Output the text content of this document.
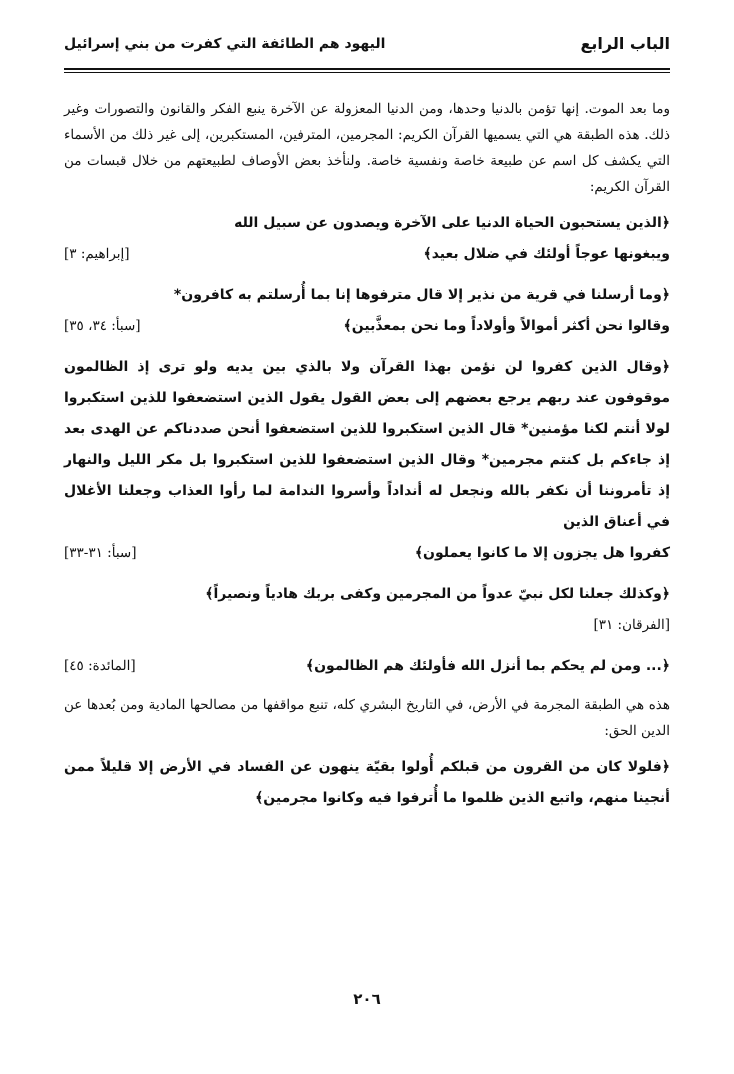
الباب الرابع
اليهود هم الطائفة التي كفرت من بني إسرائيل

وما بعد الموت. إنها تؤمن بالدنيا وحدها، ومن الدنيا المعزولة عن الآخرة ينبع الفكر والقانون والتصورات وغير ذلك. هذه الطبقة هي التي يسميها القرآن الكريم: المجرمين، المترفين، المستكبرين، إلى غير ذلك من الأسماء التي يكشف كل اسم عن طبيعة خاصة ونفسية خاصة. ولنأخذ بعض الأوصاف لطبيعتهم من خلال قبسات من القرآن الكريم:

﴿الذين يستحبون الحياة الدنيا على الآخرة ويصدون عن سبيل الله
ويبغونها عوجاً أولئك في ضلال بعيد﴾
[إبراهيم: ٣]
﴿وما أرسلنا في قرية من نذير إلا قال مترفوها إنا بما أُرسلتم به كافرون*
وقالوا نحن أكثر أموالاً وأولاداً وما نحن بمعذَّبين﴾
[سبأ: ٣٤، ٣٥]
﴿وقال الذين كفروا لن نؤمن بهذا القرآن ولا بالذي بين يديه ولو ترى إذ الظالمون موقوفون عند ربهم يرجع بعضهم إلى بعض القول يقول الذين استضعفوا للذين استكبروا لولا أنتم لكنا مؤمنين* قال الذين استكبروا للذين استضعفوا أنحن صددناكم عن الهدى بعد إذ جاءكم بل كنتم مجرمين* وقال الذين استضعفوا للذين استكبروا بل مكر الليل والنهار إذ تأمروننا أن نكفر بالله ونجعل له أنداداً وأسروا الندامة لما رأوا العذاب وجعلنا الأغلال في أعناق الذين
كفروا هل يجزون إلا ما كانوا يعملون﴾
[سبأ: ٣١-٣٣]
﴿وكذلك جعلنا لكل نبيّ عدواً من المجرمين وكفى بربك هادياً ونصيراً﴾
[الفرقان: ٣١]
﴿... ومن لم يحكم بما أنزل الله فأولئك هم الظالمون﴾
[المائدة: ٤٥]

هذه هي الطبقة المجرمة في الأرض، في التاريخ البشري كله، تنبع مواقفها من مصالحها المادية ومن بُعدها عن الدين الحق:

﴿فلولا كان من القرون من قبلكم أُولوا بقيّة ينهون عن الفساد في الأرض إلا قليلاً ممن أنجينا منهم، واتبع الذين ظلموا ما أُترفوا فيه وكانوا مجرمين﴾
٢٠٦
